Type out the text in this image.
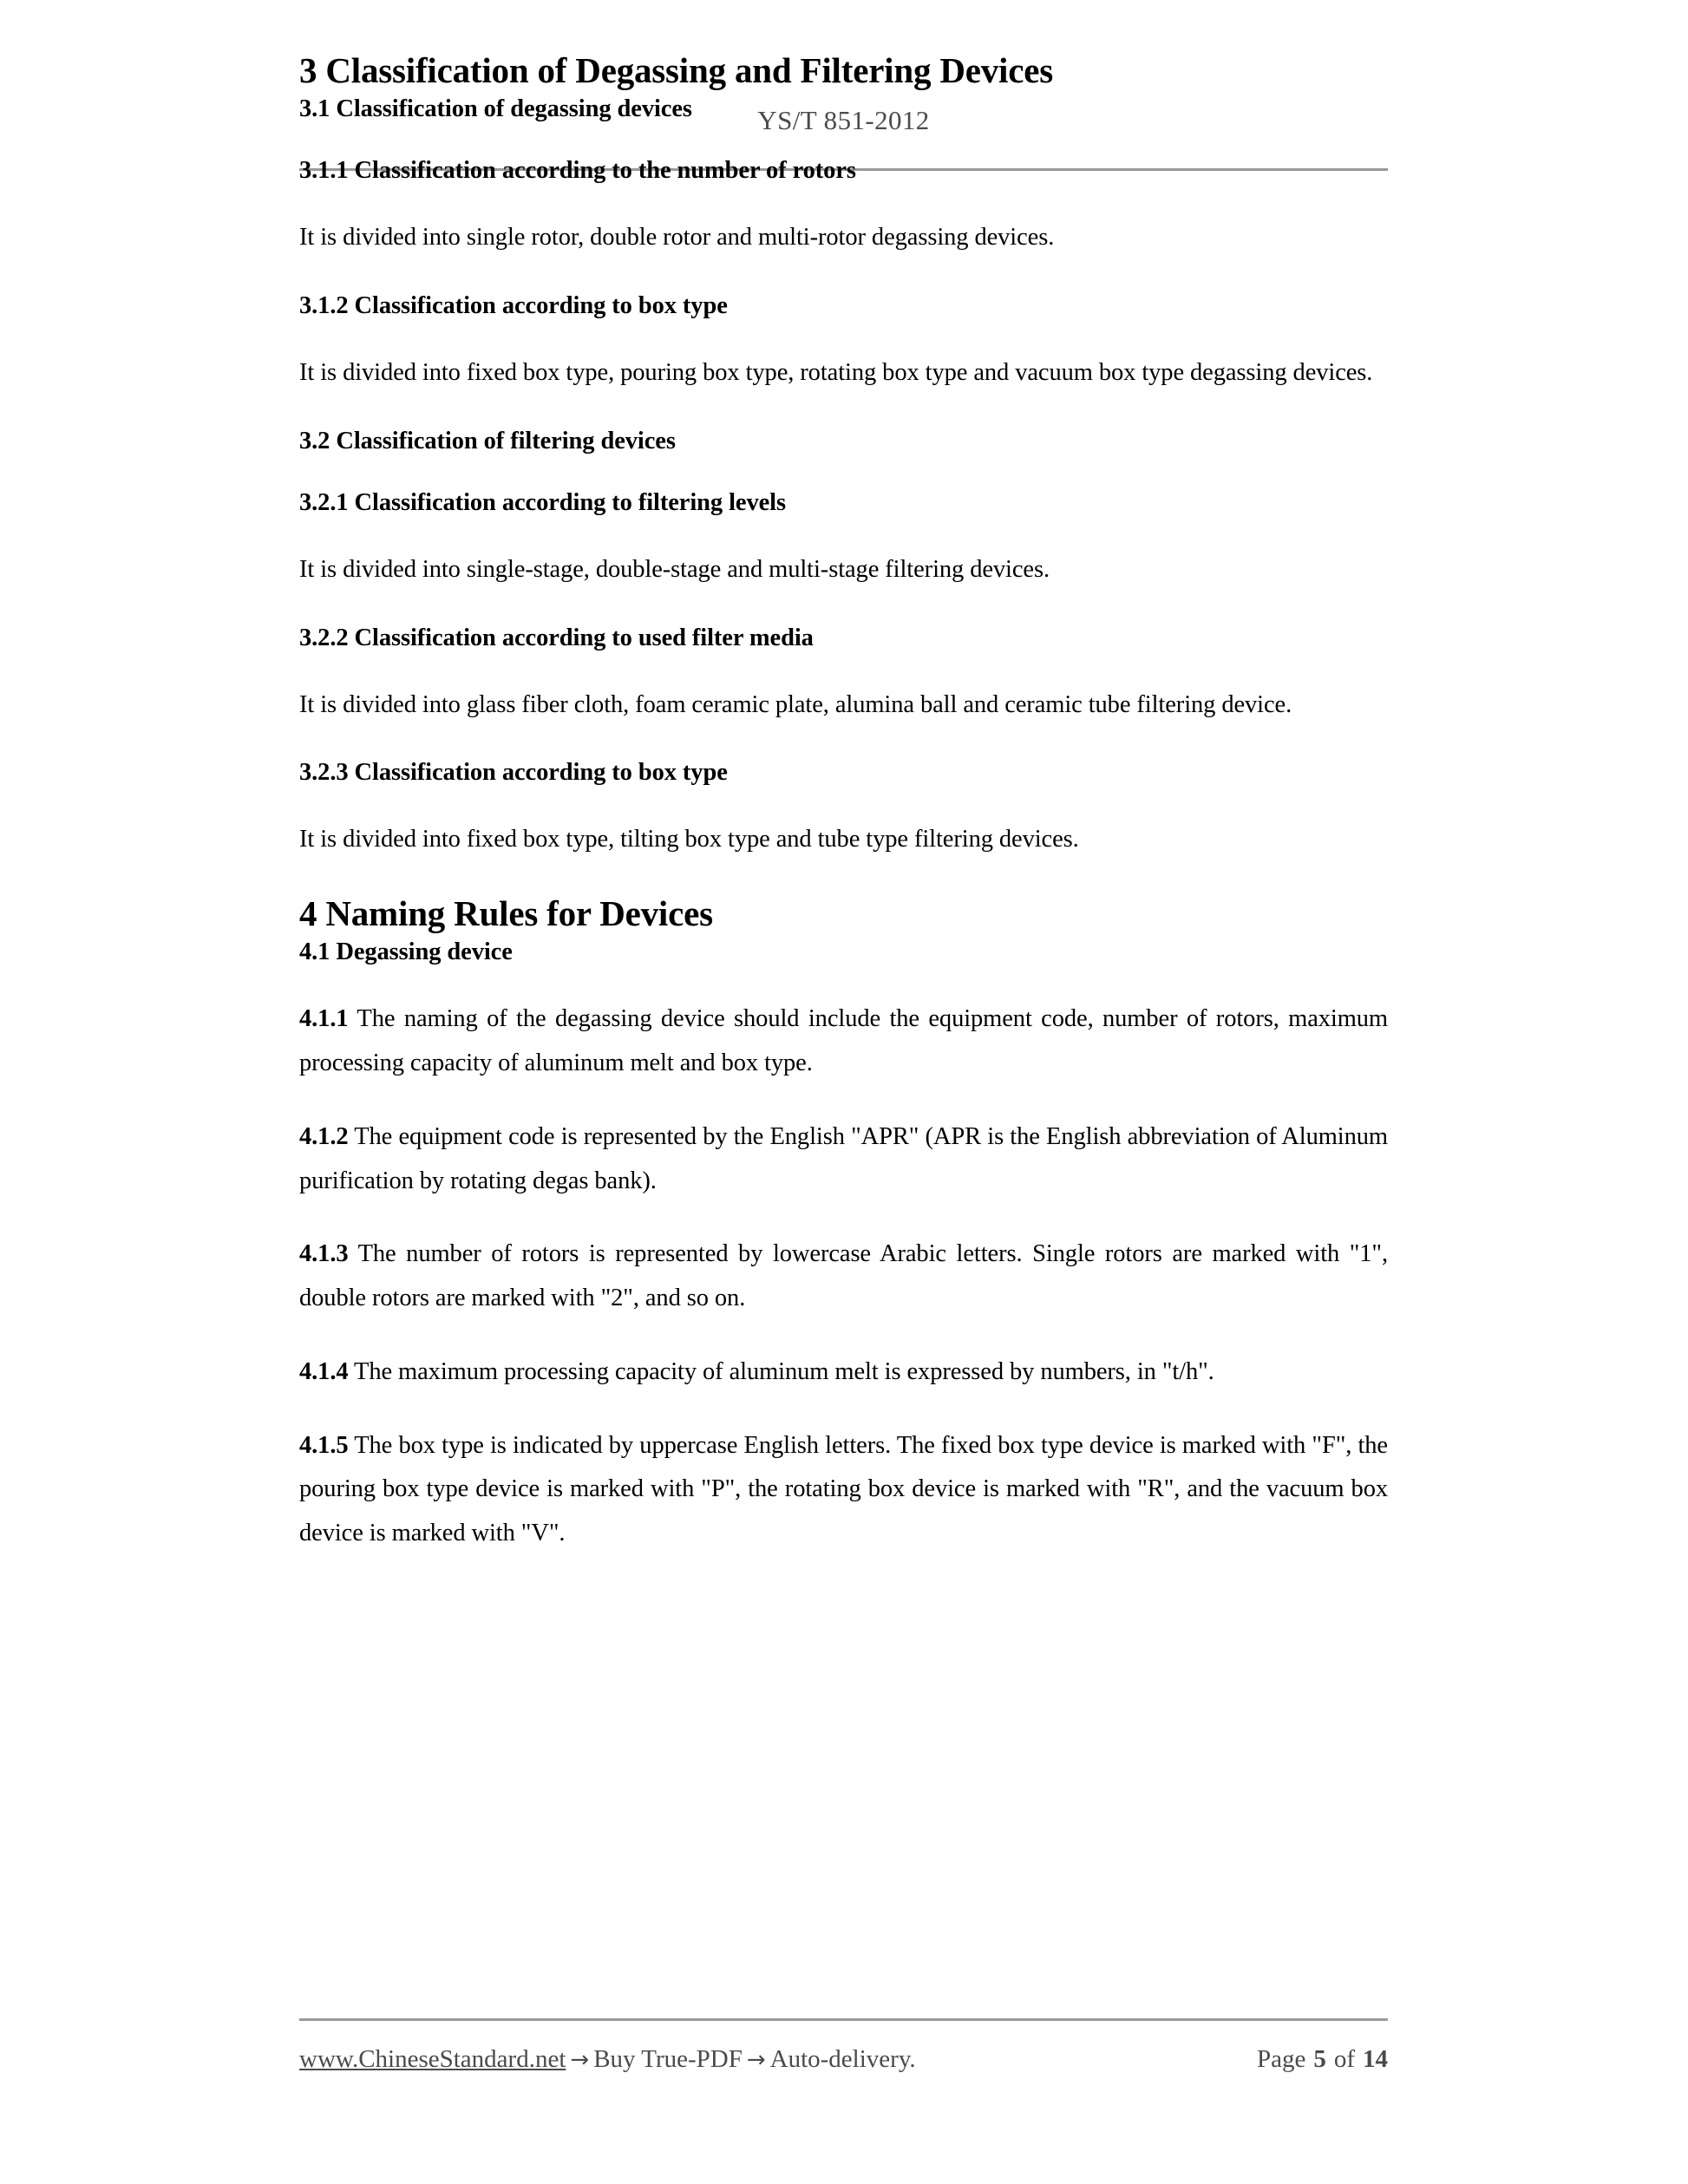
YS/T 851-2012
3 Classification of Degassing and Filtering Devices
3.1 Classification of degassing devices
3.1.1 Classification according to the number of rotors

It is divided into single rotor, double rotor and multi-rotor degassing devices.

3.1.2 Classification according to box type

It is divided into fixed box type, pouring box type, rotating box type and vacuum box type degassing devices.

3.2 Classification of filtering devices
3.2.1 Classification according to filtering levels

It is divided into single-stage, double-stage and multi-stage filtering devices.

3.2.2 Classification according to used filter media

It is divided into glass fiber cloth, foam ceramic plate, alumina ball and ceramic tube filtering device.

3.2.3 Classification according to box type

It is divided into fixed box type, tilting box type and tube type filtering devices.

4 Naming Rules for Devices
4.1 Degassing device

4.1.1 The naming of the degassing device should include the equipment code, number of rotors, maximum processing capacity of aluminum melt and box type.

4.1.2 The equipment code is represented by the English "APR" (APR is the English abbreviation of Aluminum purification by rotating degas bank).

4.1.3 The number of rotors is represented by lowercase Arabic letters. Single rotors are marked with "1", double rotors are marked with "2", and so on.

4.1.4 The maximum processing capacity of aluminum melt is expressed by numbers, in "t/h".

4.1.5 The box type is indicated by uppercase English letters. The fixed box type device is marked with "F", the pouring box type device is marked with "P", the rotating box device is marked with "R", and the vacuum box device is marked with "V".

www.ChineseStandard.net → Buy True-PDF → Auto-delivery.	Page 5 of 14
